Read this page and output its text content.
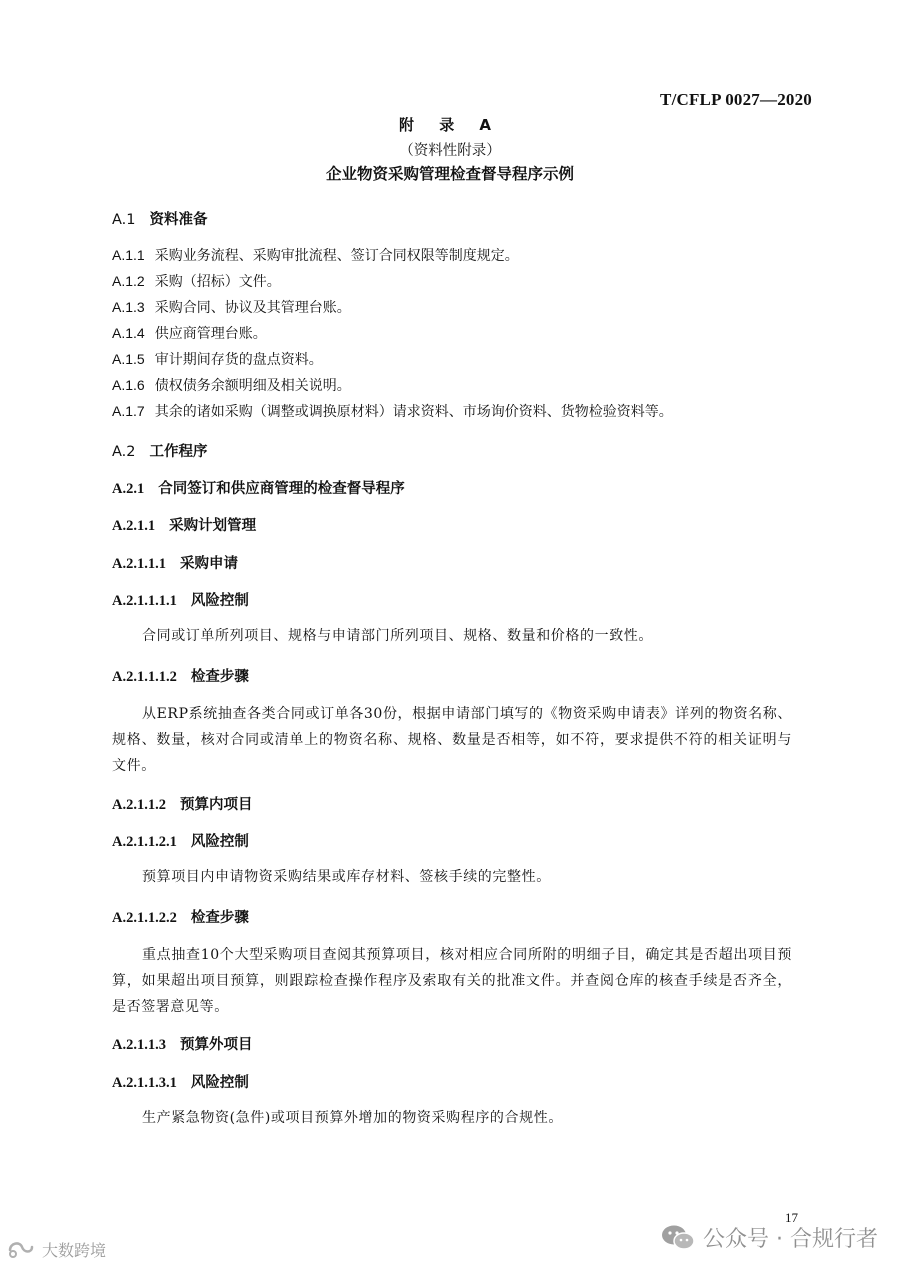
T/CFLP 0027—2020
附 录 A
（资料性附录）
企业物资采购管理检查督导程序示例
A.1 资料准备
A.1.1 采购业务流程、采购审批流程、签订合同权限等制度规定。
A.1.2 采购（招标）文件。
A.1.3 采购合同、协议及其管理台账。
A.1.4 供应商管理台账。
A.1.5 审计期间存货的盘点资料。
A.1.6 债权债务余额明细及相关说明。
A.1.7 其余的诸如采购（调整或调换原材料）请求资料、市场询价资料、货物检验资料等。
A.2 工作程序
A.2.1 合同签订和供应商管理的检查督导程序
A.2.1.1 采购计划管理
A.2.1.1.1 采购申请
A.2.1.1.1.1 风险控制
合同或订单所列项目、规格与申请部门所列项目、规格、数量和价格的一致性。
A.2.1.1.1.2 检查步骤
从ERP系统抽查各类合同或订单各30份，根据申请部门填写的《物资采购申请表》详列的物资名称、规格、数量，核对合同或清单上的物资名称、规格、数量是否相等，如不符，要求提供不符的相关证明与文件。
A.2.1.1.2 预算内项目
A.2.1.1.2.1 风险控制
预算项目内申请物资采购结果或库存材料、签核手续的完整性。
A.2.1.1.2.2 检查步骤
重点抽查10个大型采购项目查阅其预算项目，核对相应合同所附的明细子目，确定其是否超出项目预算，如果超出项目预算，则跟踪检查操作程序及索取有关的批准文件。并查阅仓库的核查手续是否齐全，是否签署意见等。
A.2.1.1.3 预算外项目
A.2.1.1.3.1 风险控制
生产紧急物资(急件)或项目预算外增加的物资采购程序的合规性。
17
公众号 · 合规行者
大数跨境
